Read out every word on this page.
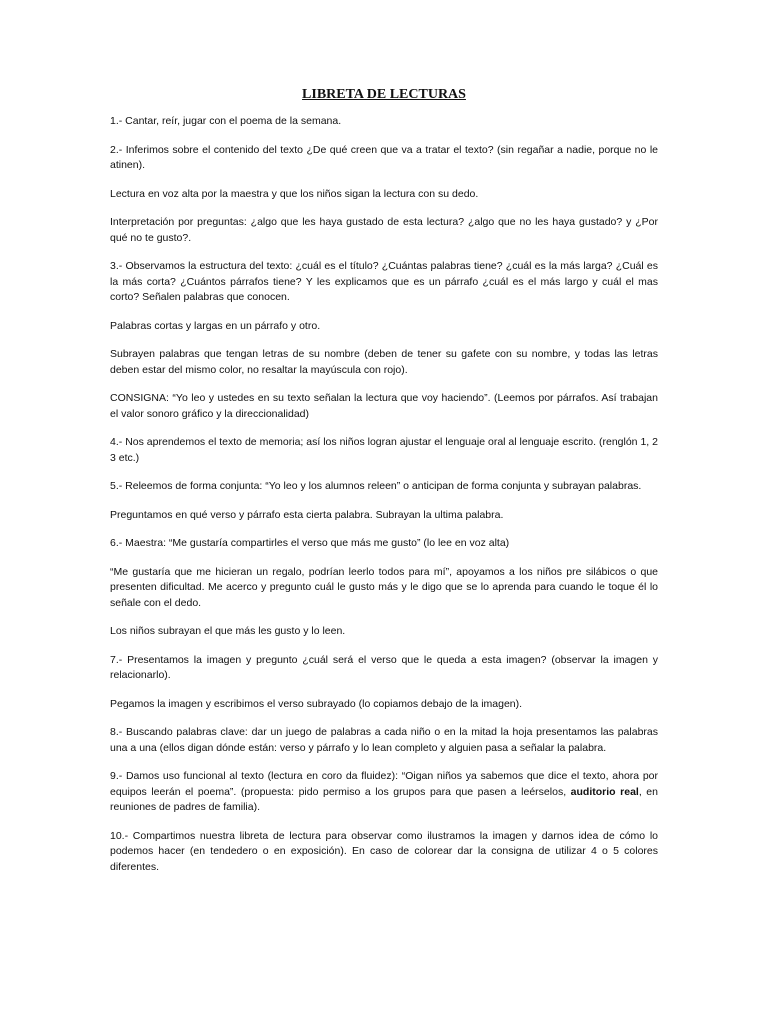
LIBRETA DE LECTURAS

1.- Cantar, reír, jugar con el poema de la semana.

2.- Inferimos sobre el contenido del texto ¿De qué creen que va a tratar el texto? (sin regañar a nadie, porque no le atinen).

Lectura en voz alta por la maestra y que los niños sigan la lectura con su dedo.

Interpretación por preguntas: ¿algo que les haya gustado de esta lectura? ¿algo que no les haya gustado? y ¿Por qué no te gusto?.

3.- Observamos la estructura del texto: ¿cuál es el título? ¿Cuántas palabras tiene? ¿cuál es la más larga? ¿Cuál es la más corta? ¿Cuántos párrafos tiene? Y les explicamos que es un párrafo ¿cuál es el más largo y cuál el mas corto? Señalen palabras que conocen.

Palabras cortas y largas en un párrafo y otro.

Subrayen palabras que tengan letras de su nombre (deben de tener su gafete con su nombre, y todas las letras deben estar del mismo color, no resaltar la mayúscula con rojo).

CONSIGNA: “Yo leo y ustedes en su texto señalan la lectura que voy haciendo”. (Leemos por párrafos. Así trabajan el valor sonoro gráfico y la direccionalidad)

4.- Nos aprendemos el texto de memoria; así los niños logran ajustar el lenguaje oral al lenguaje escrito. (renglón 1, 2 3 etc.)

5.- Releemos de forma conjunta: “Yo leo y los alumnos releen” o anticipan de forma conjunta y subrayan palabras.

Preguntamos en qué verso y párrafo esta cierta palabra. Subrayan la ultima palabra.

6.- Maestra: “Me gustaría compartirles el verso que más me gusto” (lo lee en voz alta)

“Me gustaría que me hicieran un regalo, podrían leerlo todos para mí”, apoyamos a los niños pre silábicos o que presenten dificultad. Me acerco y pregunto cuál le gusto más y le digo que se lo aprenda para cuando le toque él lo señale con el dedo.

Los niños subrayan el que más les gusto y lo leen.

7.- Presentamos la imagen y pregunto ¿cuál será el verso que le queda a esta imagen? (observar la imagen y relacionarlo).

Pegamos la imagen y escribimos el verso subrayado (lo copiamos debajo de la imagen).

8.- Buscando palabras clave: dar un juego de palabras a cada niño o en la mitad la hoja presentamos las palabras una a una (ellos digan dónde están: verso y párrafo y lo lean completo y alguien pasa a señalar la palabra.

9.- Damos uso funcional al texto (lectura en coro da fluidez): “Oigan niños ya sabemos que dice el texto, ahora por equipos leerán el poema”. (propuesta: pido permiso a los grupos para que pasen a leérselos, auditorio real, en reuniones de padres de familia).

10.- Compartimos nuestra libreta de lectura para observar como ilustramos la imagen y darnos idea de cómo lo podemos hacer (en tendedero o en exposición). En caso de colorear dar la consigna de utilizar 4 o 5 colores diferentes.
